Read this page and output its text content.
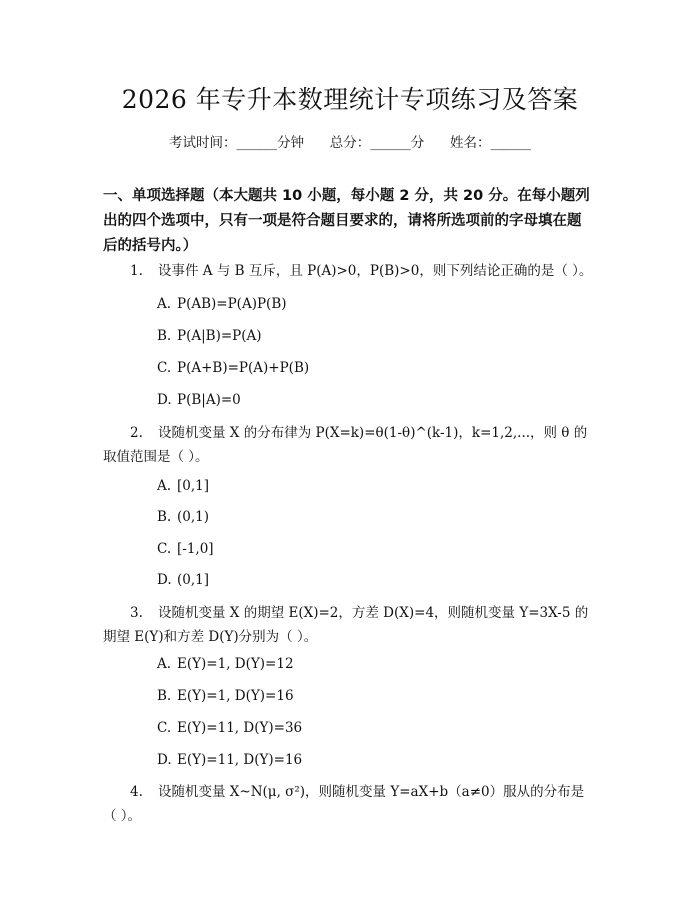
2026 年专升本数理统计专项练习及答案
考试时间：______分钟      总分：______分      姓名：______
一、单项选择题（本大题共 10 小题，每小题 2 分，共 20 分。在每小题列出的四个选项中，只有一项是符合题目要求的，请将所选项前的字母填在题后的括号内。）
1. 设事件 A 与 B 互斥，且 P(A)>0，P(B)>0，则下列结论正确的是（ ）。
A. P(AB)=P(A)P(B)
B. P(A|B)=P(A)
C. P(A+B)=P(A)+P(B)
D. P(B|A)=0
2. 设随机变量 X 的分布律为 P(X=k)=θ(1-θ)^(k-1)，k=1,2,...，则 θ 的取值范围是（ ）。
A. [0,1]
B. (0,1)
C. [-1,0]
D. (0,1]
3. 设随机变量 X 的期望 E(X)=2，方差 D(X)=4，则随机变量 Y=3X-5 的期望 E(Y)和方差 D(Y)分别为（ ）。
A. E(Y)=1, D(Y)=12
B. E(Y)=1, D(Y)=16
C. E(Y)=11, D(Y)=36
D. E(Y)=11, D(Y)=16
4. 设随机变量 X~N(μ, σ²)，则随机变量 Y=aX+b（a≠0）服从的分布是（ ）。
